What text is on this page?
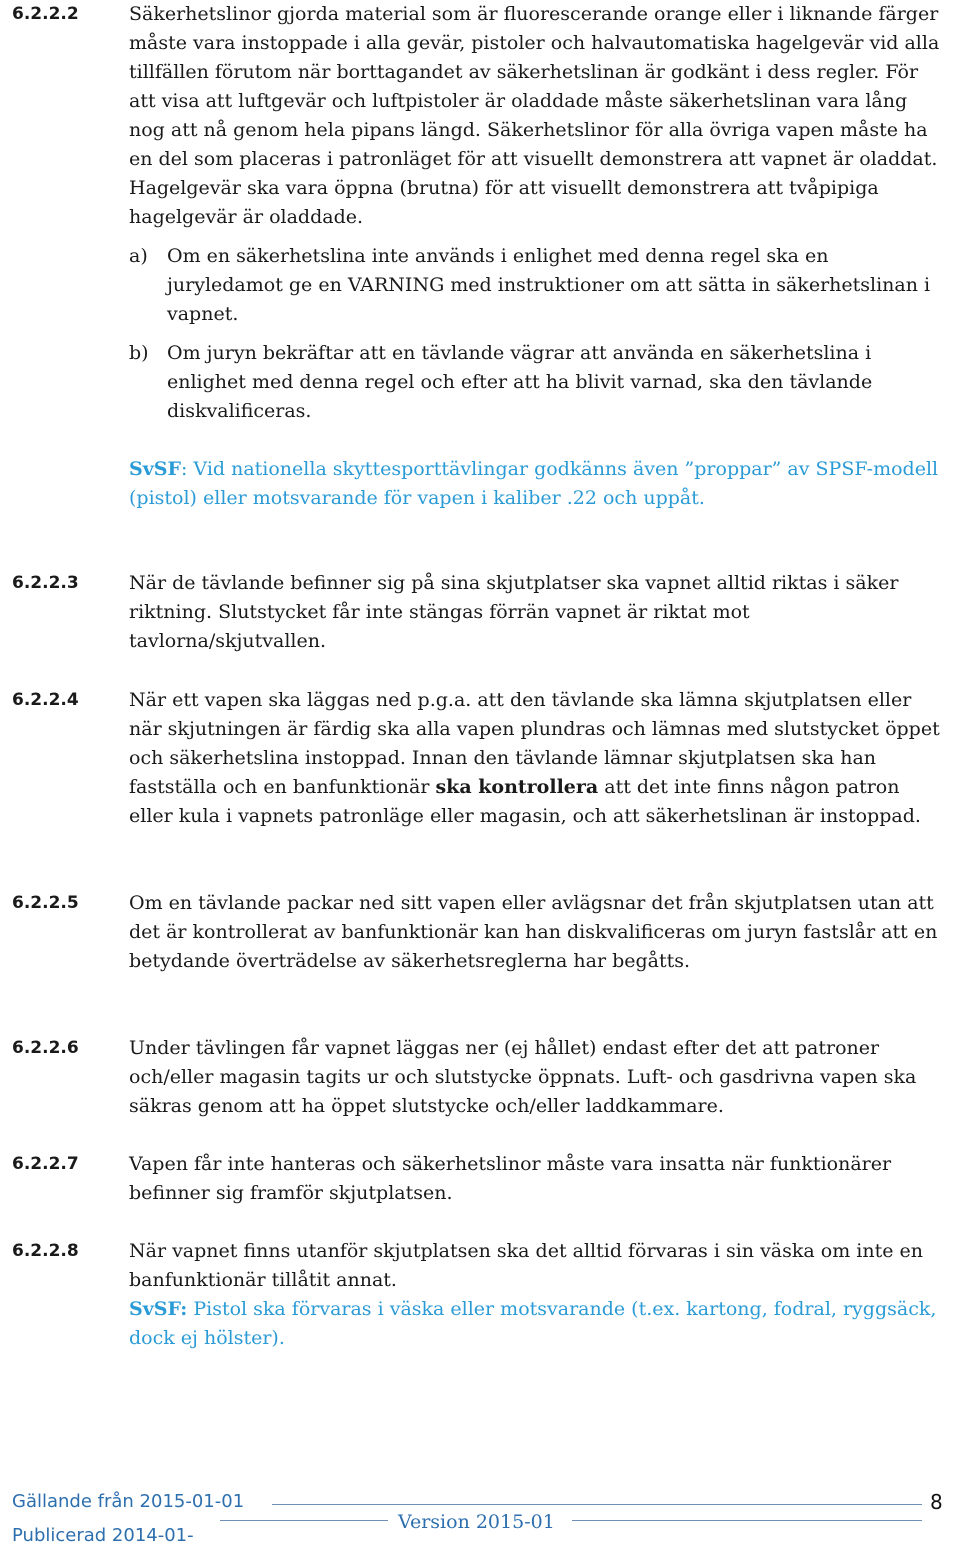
6.2.2.2	Säkerhetslinor gjorda material som är fluorescerande orange eller i liknande färger måste vara instoppade i alla gevär, pistoler och halvautomatiska hagelgevär vid alla tillfällen förutom när borttagandet av säkerhetslinan är godkänt i dess regler. För att visa att luftgevär och luftpistoler är oladdade måste säkerhetslinan vara lång nog att nå genom hela pipans längd. Säkerhetslinor för alla övriga vapen måste ha en del som placeras i patronläget för att visuellt demonstrera att vapnet är oladdat. Hagelgevär ska vara öppna (brutna) för att visuellt demonstrera att tvåpipiga hagelgevär är oladdade.

a) Om en säkerhetslina inte används i enlighet med denna regel ska en juryledamot ge en VARNING med instruktioner om att sätta in säkerhetslinan i vapnet.
b) Om juryn bekräftar att en tävlande vägrar att använda en säkerhetslina i enlighet med denna regel och efter att ha blivit varnad, ska den tävlande diskvalificeras.

SvSF: Vid nationella skyttesporttävlingar godkänns även ”proppar” av SPSF-modell (pistol) eller motsvarande för vapen i kaliber .22 och uppåt.

6.2.2.3	När de tävlande befinner sig på sina skjutplatser ska vapnet alltid riktas i säker riktning. Slutstycket får inte stängas förrän vapnet är riktat mot tavlorna/skjutvallen.

6.2.2.4	När ett vapen ska läggas ned p.g.a. att den tävlande ska lämna skjutplatsen eller när skjutningen är färdig ska alla vapen plundras och lämnas med slutstycket öppet och säkerhetslina instoppad. Innan den tävlande lämnar skjutplatsen ska han fastställa och en banfunktionär ska kontrollera att det inte finns någon patron eller kula i vapnets patronläge eller magasin, och att säkerhetslinan är instoppad.

6.2.2.5	Om en tävlande packar ned sitt vapen eller avlägsnar det från skjutplatsen utan att det är kontrollerat av banfunktionär kan han diskvalificeras om juryn fastslår att en betydande överträdelse av säkerhetsreglerna har begåtts.

6.2.2.6	Under tävlingen får vapnet läggas ner (ej hållet) endast efter det att patroner och/eller magasin tagits ur och slutstycke öppnats. Luft- och gasdrivna vapen ska säkras genom att ha öppet slutstycke och/eller laddkammare.

6.2.2.7	Vapen får inte hanteras och säkerhetslinor måste vara insatta när funktionärer befinner sig framför skjutplatsen.

6.2.2.8	När vapnet finns utanför skjutplatsen ska det alltid förvaras i sin väska om inte en banfunktionär tillåtit annat.

SvSF: Pistol ska förvaras i väska eller motsvarande (t.ex. kartong, fodral, ryggsäck, dock ej hölster).

Gällande från 2015-01-01
Version 2015-01
Publicerad 2014-01-
8
